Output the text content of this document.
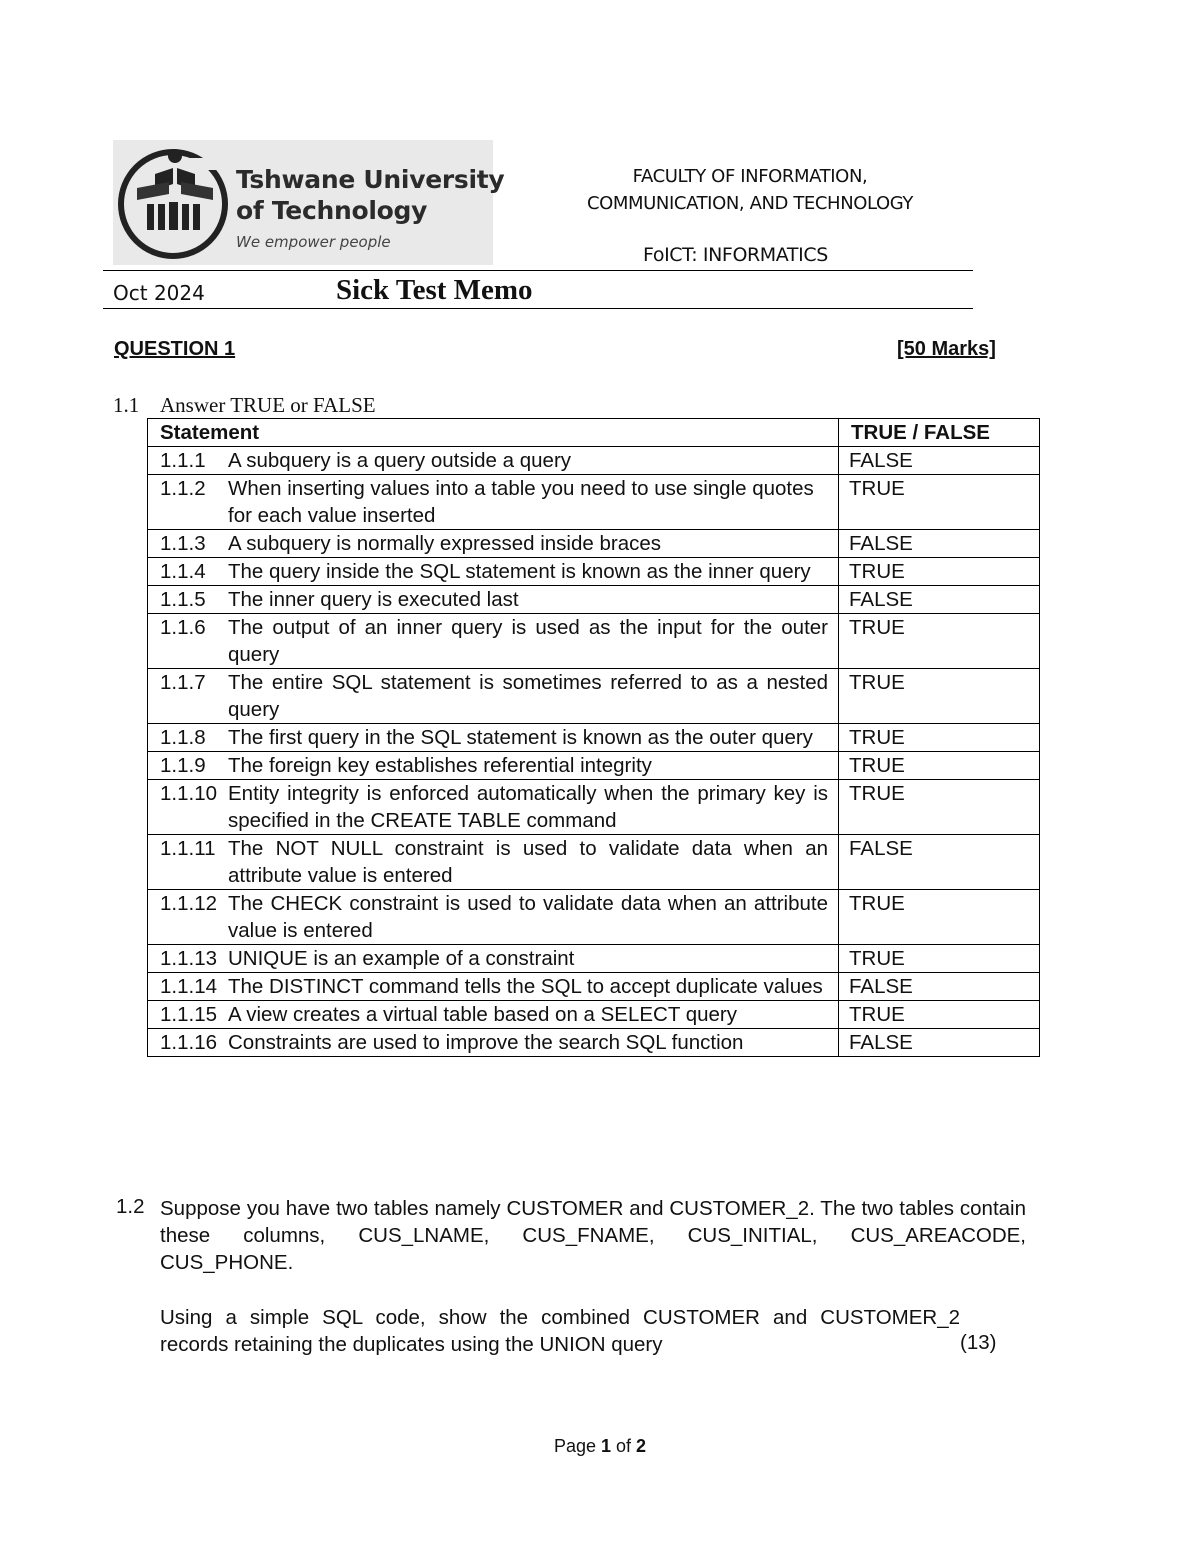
Tshwane University
of Technology
We empower people
FACULTY OF INFORMATION,
COMMUNICATION, AND TECHNOLOGY
FoICT: INFORMATICS
Oct 2024	Sick Test Memo
QUESTION 1	[50 Marks]
1.1 Answer TRUE or FALSE
Statement	TRUE / FALSE

1.1.1 A subquery is a query outside a query	FALSE

1.1.2 When inserting values into a table you need to use single quotes for each value inserted	TRUE

1.1.3 A subquery is normally expressed inside braces	FALSE

1.1.4 The query inside the SQL statement is known as the inner query	TRUE

1.1.5 The inner query is executed last	FALSE

1.1.6 The output of an inner query is used as the input for the outer query	TRUE

1.1.7 The entire SQL statement is sometimes referred to as a nested query	TRUE

1.1.8 The first query in the SQL statement is known as the outer query	TRUE

1.1.9 The foreign key establishes referential integrity	TRUE

1.1.10 Entity integrity is enforced automatically when the primary key is specified in the CREATE TABLE command	TRUE

1.1.11 The NOT NULL constraint is used to validate data when an attribute value is entered	FALSE

1.1.12 The CHECK constraint is used to validate data when an attribute value is entered	TRUE

1.1.13 UNIQUE is an example of a constraint	TRUE

1.1.14 The DISTINCT command tells the SQL to accept duplicate values	FALSE

1.1.15 A view creates a virtual table based on a SELECT query	TRUE

1.1.16 Constraints are used to improve the search SQL function	FALSE
1.2 Suppose you have two tables namely CUSTOMER and CUSTOMER_2. The two tables contain these columns, CUS_LNAME, CUS_FNAME, CUS_INITIAL, CUS_AREACODE, CUS_PHONE.
Using a simple SQL code, show the combined CUSTOMER and CUSTOMER_2 records retaining the duplicates using the UNION query	(13)
Page 1 of 2
